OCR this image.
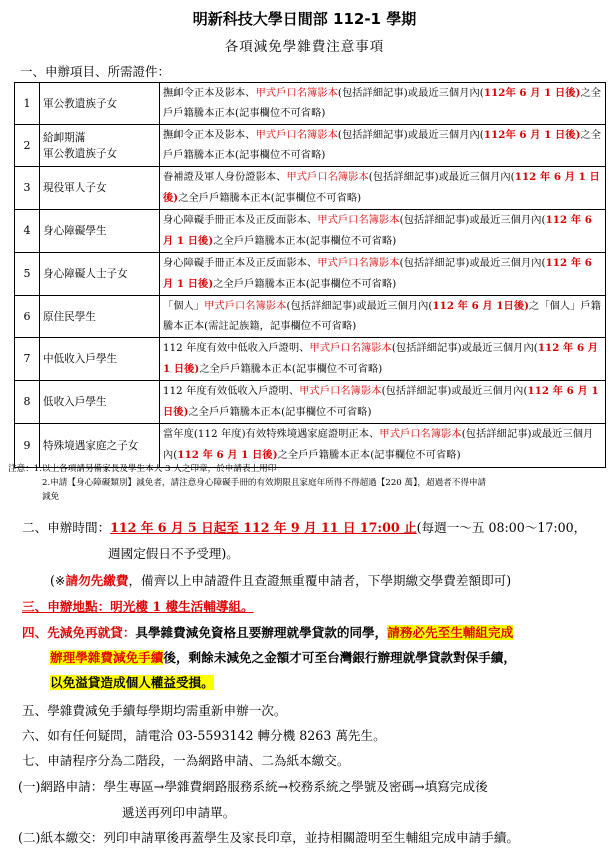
明新科技大學日間部 112-1 學期
各項減免學雜費注意事項
一、申辦項目、所需證件：
1	軍公教遺族子女	撫卹令正本及影本、甲式戶口名簿影本(包括詳細記事)或最近三個月內(112年 6 月 1 日後)之全戶戶籍騰本正本(記事欄位不可省略)
2	給卹期滿
軍公教遺族子女	撫卹令正本及影本、甲式戶口名簿影本(包括詳細記事)或最近三個月內(112年 6 月 1 日後)之全戶戶籍騰本正本(記事欄位不可省略)
3	現役軍人子女	眷補證及軍人身份證影本、甲式戶口名簿影本(包括詳細記事)或最近三個月內(112 年 6 月 1 日後)之全戶戶籍騰本正本(記事欄位不可省略)
4	身心障礙學生	身心障礙手冊正本及正反面影本、甲式戶口名簿影本(包括詳細記事)或最近三個月內(112 年 6 月 1 日後)之全戶戶籍騰本正本(記事欄位不可省略)
5	身心障礙人士子女	身心障礙手冊正本及正反面影本、甲式戶口名簿影本(包括詳細記事)或最近三個月內(112 年 6 月 1 日後)之全戶戶籍騰本正本(記事欄位不可省略)
6	原住民學生	「個人」甲式戶口名簿影本(包括詳細記事)或最近三個月內(112 年 6 月 1日後)之「個人」戶籍騰本正本(需註記族籍，記事欄位不可省略)
7	中低收入戶學生	112 年度有效中低收入戶證明、甲式戶口名簿影本(包括詳細記事)或最近三個月內(112 年 6 月 1 日後)之全戶戶籍騰本正本(記事欄位不可省略)
8	低收入戶學生	112 年度有效低收入戶證明、甲式戶口名簿影本(包括詳細記事)或最近三個月內(112 年 6 月 1 日後)之全戶戶籍騰本正本(記事欄位不可省略)
9	特殊境遇家庭之子女	當年度(112 年度)有效特殊境遇家庭證明正本、甲式戶口名簿影本(包括詳細記事)或最近三個月內(112 年 6 月 1 日後)之全戶戶籍騰本正本(記事欄位不可省略)
注意：1.以上各項請另備家長及學生本人 3 人之印章，於申請表上用印
2.申請【身心障礙類別】減免者，請注意身心障礙手冊的有效期限且家庭年所得不得超過【220 萬】，超過者不得申請
減免
二、申辦時間：112 年 6 月 5 日起至 112 年 9 月 11 日 17:00 止(每週一～五 08:00～17:00，
週國定假日不予受理)。
(※請勿先繳費，備齊以上申請證件且查證無重覆申請者，下學期繳交學費差額即可)
三、申辦地點：明光樓 1 樓生活輔導組。
四、先減免再就貸：具學雜費減免資格且要辦理就學貸款的同學，請務必先至生輔組完成
辦理學雜費減免手續後，剩餘未減免之金額才可至台灣銀行辦理就學貸款對保手續，
以免溢貸造成個人權益受損。
五、學雜費減免手續每學期均需重新申辦一次。
六、如有任何疑問，請電洽 03-5593142 轉分機 8263 萬先生。
七、申請程序分為二階段，一為網路申請、二為紙本繳交。
(一)網路申請：學生專區→學雜費網路服務系統→校務系統之學號及密碼→填寫完成後
遞送再列印申請單。
(二)紙本繳交：列印申請單後再蓋學生及家長印章，並持相關證明至生輔組完成申請手續。
